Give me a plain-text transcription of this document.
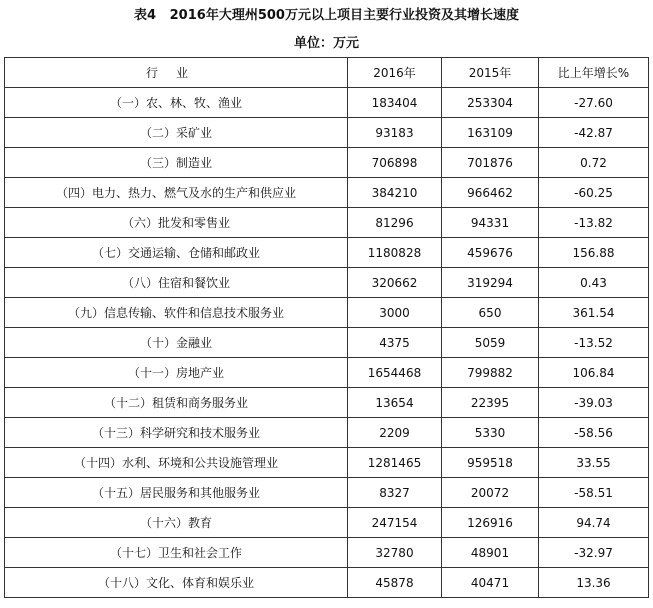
表4   2016年大理州500万元以上项目主要行业投资及其增长速度
单位：万元
行业	2016年	2015年	比上年增长%
（一）农、林、牧、渔业	183404	253304	-27.60
（二）采矿业	93183	163109	-42.87
（三）制造业	706898	701876	0.72
（四）电力、热力、燃气及水的生产和供应业	384210	966462	-60.25
（六）批发和零售业	81296	94331	-13.82
（七）交通运输、仓储和邮政业	1180828	459676	156.88
（八）住宿和餐饮业	320662	319294	0.43
（九）信息传输、软件和信息技术服务业	3000	650	361.54
（十）金融业	4375	5059	-13.52
（十一）房地产业	1654468	799882	106.84
（十二）租赁和商务服务业	13654	22395	-39.03
（十三）科学研究和技术服务业	2209	5330	-58.56
（十四）水利、环境和公共设施管理业	1281465	959518	33.55
（十五）居民服务和其他服务业	8327	20072	-58.51
（十六）教育	247154	126916	94.74
（十七）卫生和社会工作	32780	48901	-32.97
（十八）文化、体育和娱乐业	45878	40471	13.36
